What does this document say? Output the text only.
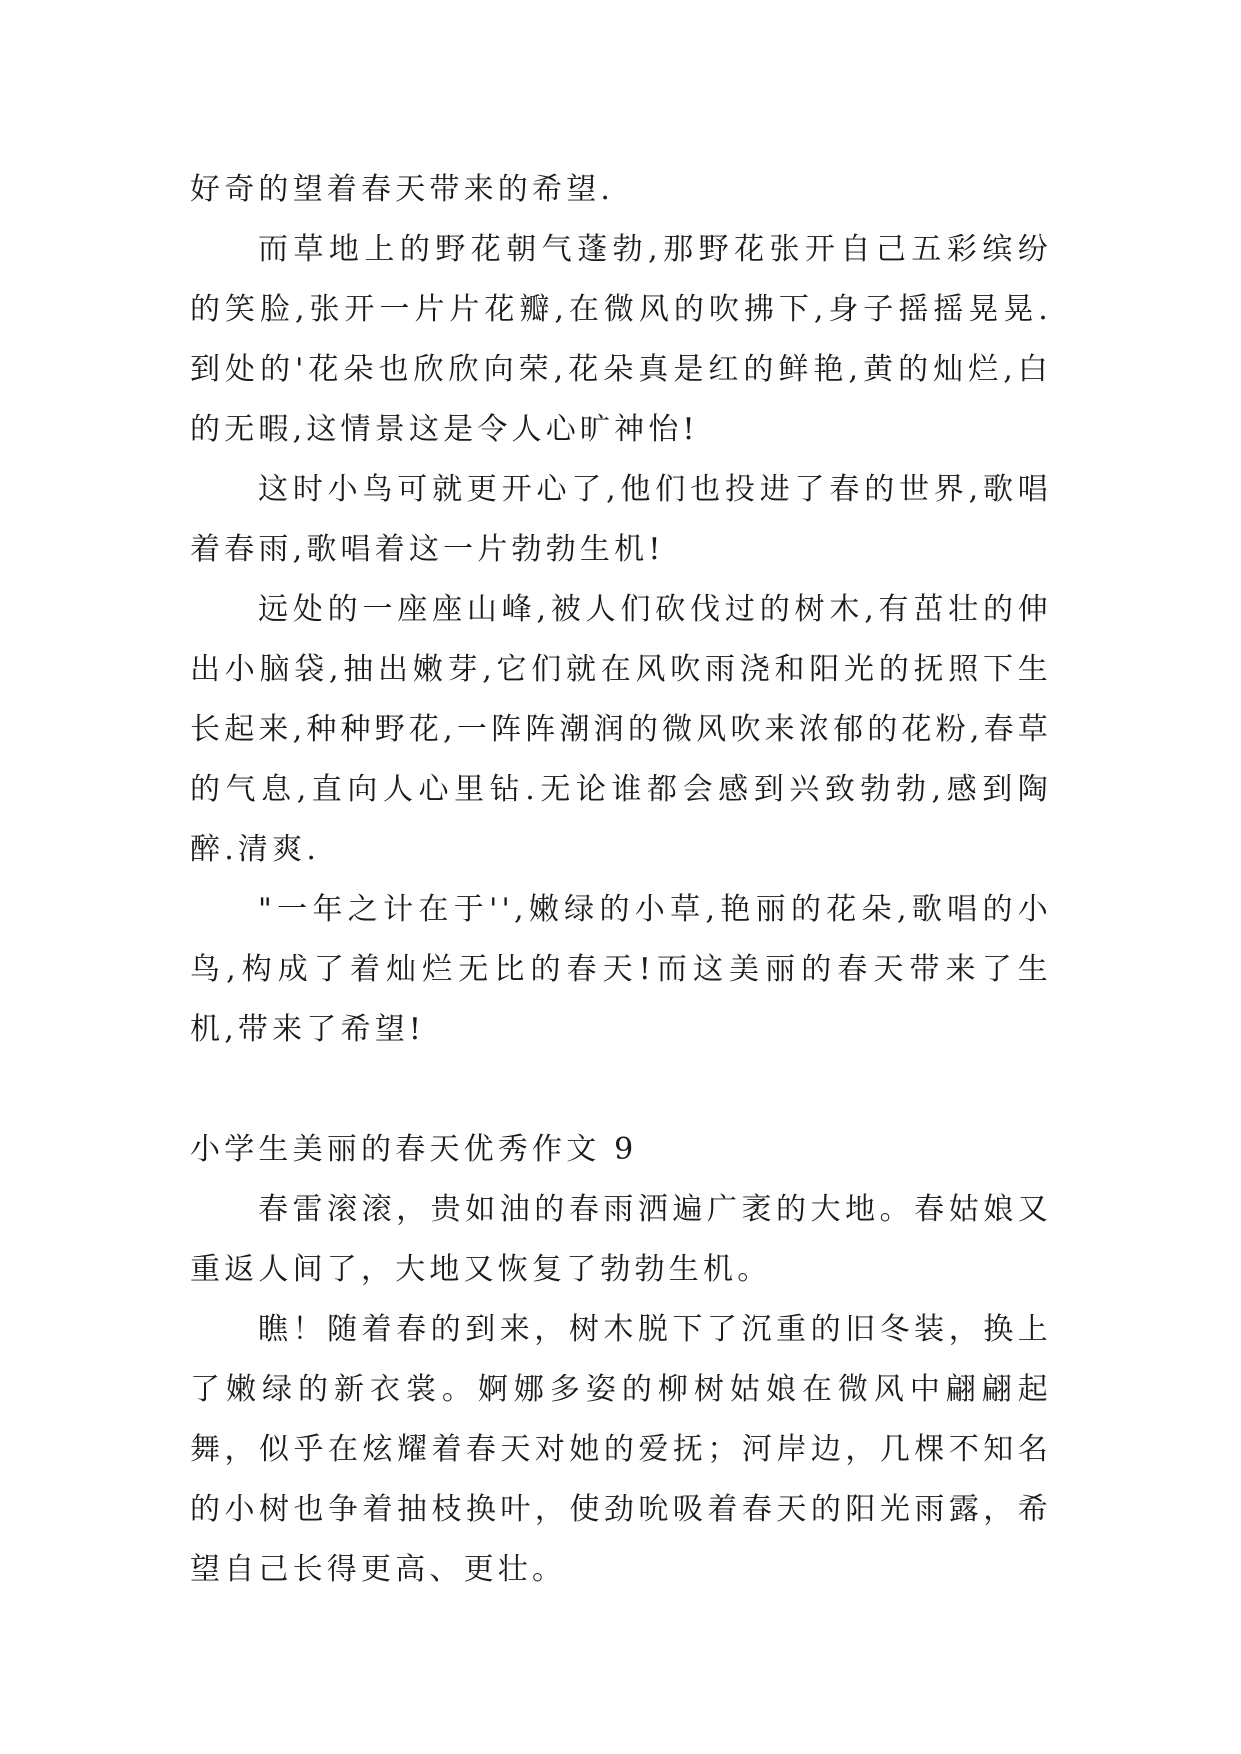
好奇的望着春天带来的希望.

而草地上的野花朝气蓬勃,那野花张开自己五彩缤纷的笑脸,张开一片片花瓣,在微风的吹拂下,身子摇摇晃晃.到处的'花朵也欣欣向荣,花朵真是红的鲜艳,黄的灿烂,白的无暇,这情景这是令人心旷神怡!

这时小鸟可就更开心了,他们也投进了春的世界,歌唱着春雨,歌唱着这一片勃勃生机!

远处的一座座山峰,被人们砍伐过的树木,有茁壮的伸出小脑袋,抽出嫩芽,它们就在风吹雨浇和阳光的抚照下生长起来,种种野花,一阵阵潮润的微风吹来浓郁的花粉,春草的气息,直向人心里钻.无论谁都会感到兴致勃勃,感到陶醉.清爽.

"一年之计在于'',嫩绿的小草,艳丽的花朵,歌唱的小鸟,构成了着灿烂无比的春天!而这美丽的春天带来了生机,带来了希望!

小学生美丽的春天优秀作文 9

春雷滚滚，贵如油的春雨洒遍广袤的大地。春姑娘又重返人间了，大地又恢复了勃勃生机。

瞧！随着春的到来，树木脱下了沉重的旧冬装，换上了嫩绿的新衣裳。婀娜多姿的柳树姑娘在微风中翩翩起舞，似乎在炫耀着春天对她的爱抚；河岸边，几棵不知名的小树也争着抽枝换叶，使劲吮吸着春天的阳光雨露，希望自己长得更高、更壮。
